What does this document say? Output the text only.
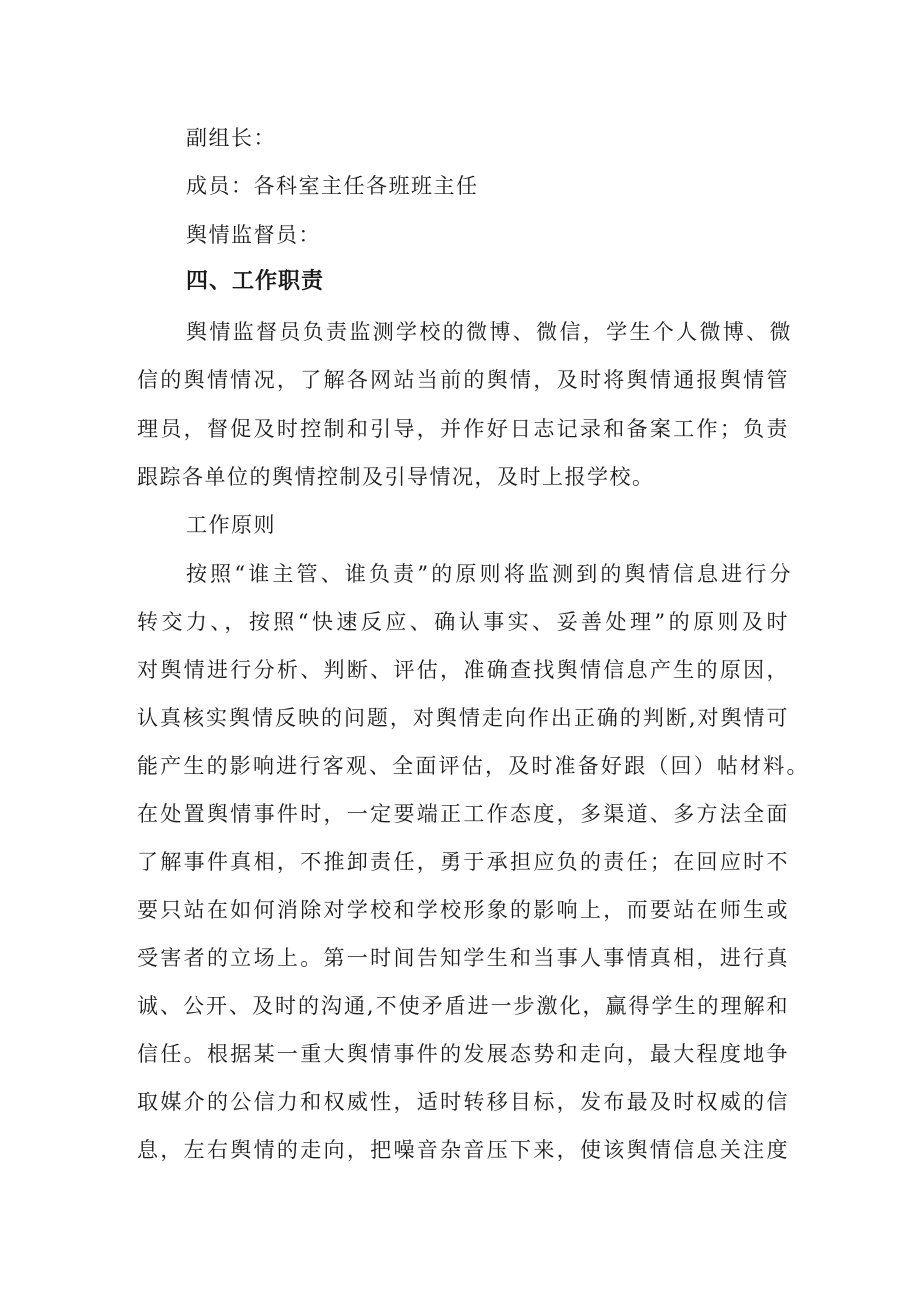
副组长：
成员：各科室主任各班班主任
舆情监督员：
四、工作职责
舆情监督员负责监测学校的微博、微信，学生个人微博、微
信的舆情情况，了解各网站当前的舆情，及时将舆情通报舆情管
理员，督促及时控制和引导，并作好日志记录和备案工作；负责
跟踪各单位的舆情控制及引导情况，及时上报学校。
工作原则
按照“谁主管、谁负责”的原则将监测到的舆情信息进行分
转交力、，按照“快速反应、确认事实、妥善处理”的原则及时
对舆情进行分析、判断、评估，准确查找舆情信息产生的原因，
认真核实舆情反映的问题，对舆情走向作出正确的判断,对舆情可
能产生的影响进行客观、全面评估，及时准备好跟（回）帖材料。
在处置舆情事件时，一定要端正工作态度，多渠道、多方法全面
了解事件真相，不推卸责任，勇于承担应负的责任；在回应时不
要只站在如何消除对学校和学校形象的影响上，而要站在师生或
受害者的立场上。第一时间告知学生和当事人事情真相，进行真
诚、公开、及时的沟通,不使矛盾进一步激化，赢得学生的理解和
信任。根据某一重大舆情事件的发展态势和走向，最大程度地争
取媒介的公信力和权威性，适时转移目标，发布最及时权威的信
息，左右舆情的走向，把噪音杂音压下来，使该舆情信息关注度
